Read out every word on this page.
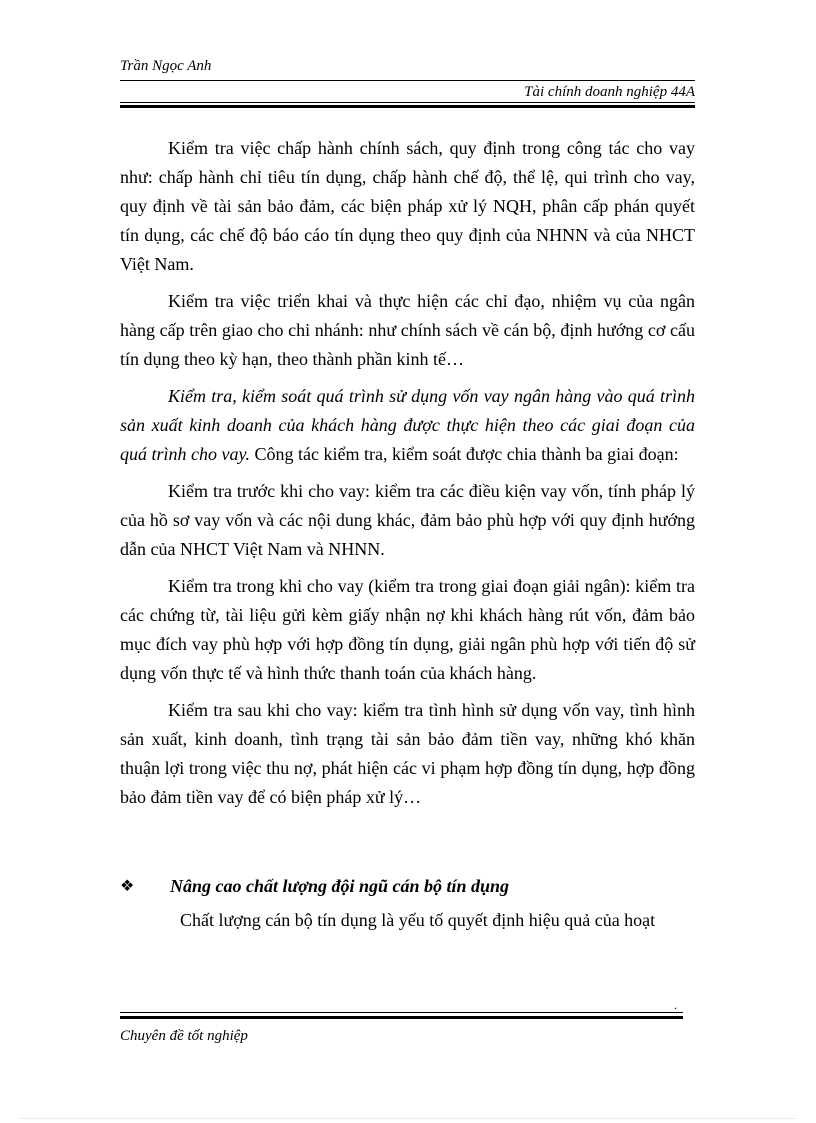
Trần Ngọc Anh
Tài chính doanh nghiệp 44A

Kiểm tra việc chấp hành chính sách, quy định trong công tác cho vay như: chấp hành chỉ tiêu tín dụng, chấp hành chế độ, thể lệ, qui trình cho vay, quy định về tài sản bảo đảm, các biện pháp xử lý NQH, phân cấp phán quyết tín dụng, các chế độ báo cáo tín dụng theo quy định của NHNN và của NHCT Việt Nam.

Kiểm tra việc triển khai và thực hiện các chỉ đạo, nhiệm vụ của ngân hàng cấp trên giao cho chi nhánh: như chính sách về cán bộ, định hướng cơ cấu tín dụng theo kỳ hạn, theo thành phần kinh tế…

Kiểm tra, kiểm soát quá trình sử dụng vốn vay ngân hàng vào quá trình sản xuất kinh doanh của khách hàng được thực hiện theo các giai đoạn của quá trình cho vay. Công tác kiểm tra, kiểm soát được chia thành ba giai đoạn:

Kiểm tra trước khi cho vay: kiểm tra các điều kiện vay vốn, tính pháp lý của hồ sơ vay vốn và các nội dung khác, đảm bảo phù hợp với quy định hướng dẫn của NHCT Việt Nam và NHNN.

Kiểm tra trong khi cho vay (kiểm tra trong giai đoạn giải ngân): kiểm tra các chứng từ, tài liệu gửi kèm giấy nhận nợ khi khách hàng rút vốn, đảm bảo mục đích vay phù hợp với hợp đồng tín dụng, giải ngân phù hợp với tiến độ sử dụng vốn thực tế và hình thức thanh toán của khách hàng.

Kiểm tra sau khi cho vay: kiểm tra tình hình sử dụng vốn vay, tình hình sản xuất, kinh doanh, tình trạng tài sản bảo đảm tiền vay, những khó khăn thuận lợi trong việc thu nợ, phát hiện các vi phạm hợp đồng tín dụng, hợp đồng bảo đảm tiền vay để có biện pháp xử lý…

❖ Nâng cao chất lượng đội ngũ cán bộ tín dụng
Chất lượng cán bộ tín dụng là yếu tố quyết định hiệu quả của hoạt
.
Chuyên đề tốt nghiệp
